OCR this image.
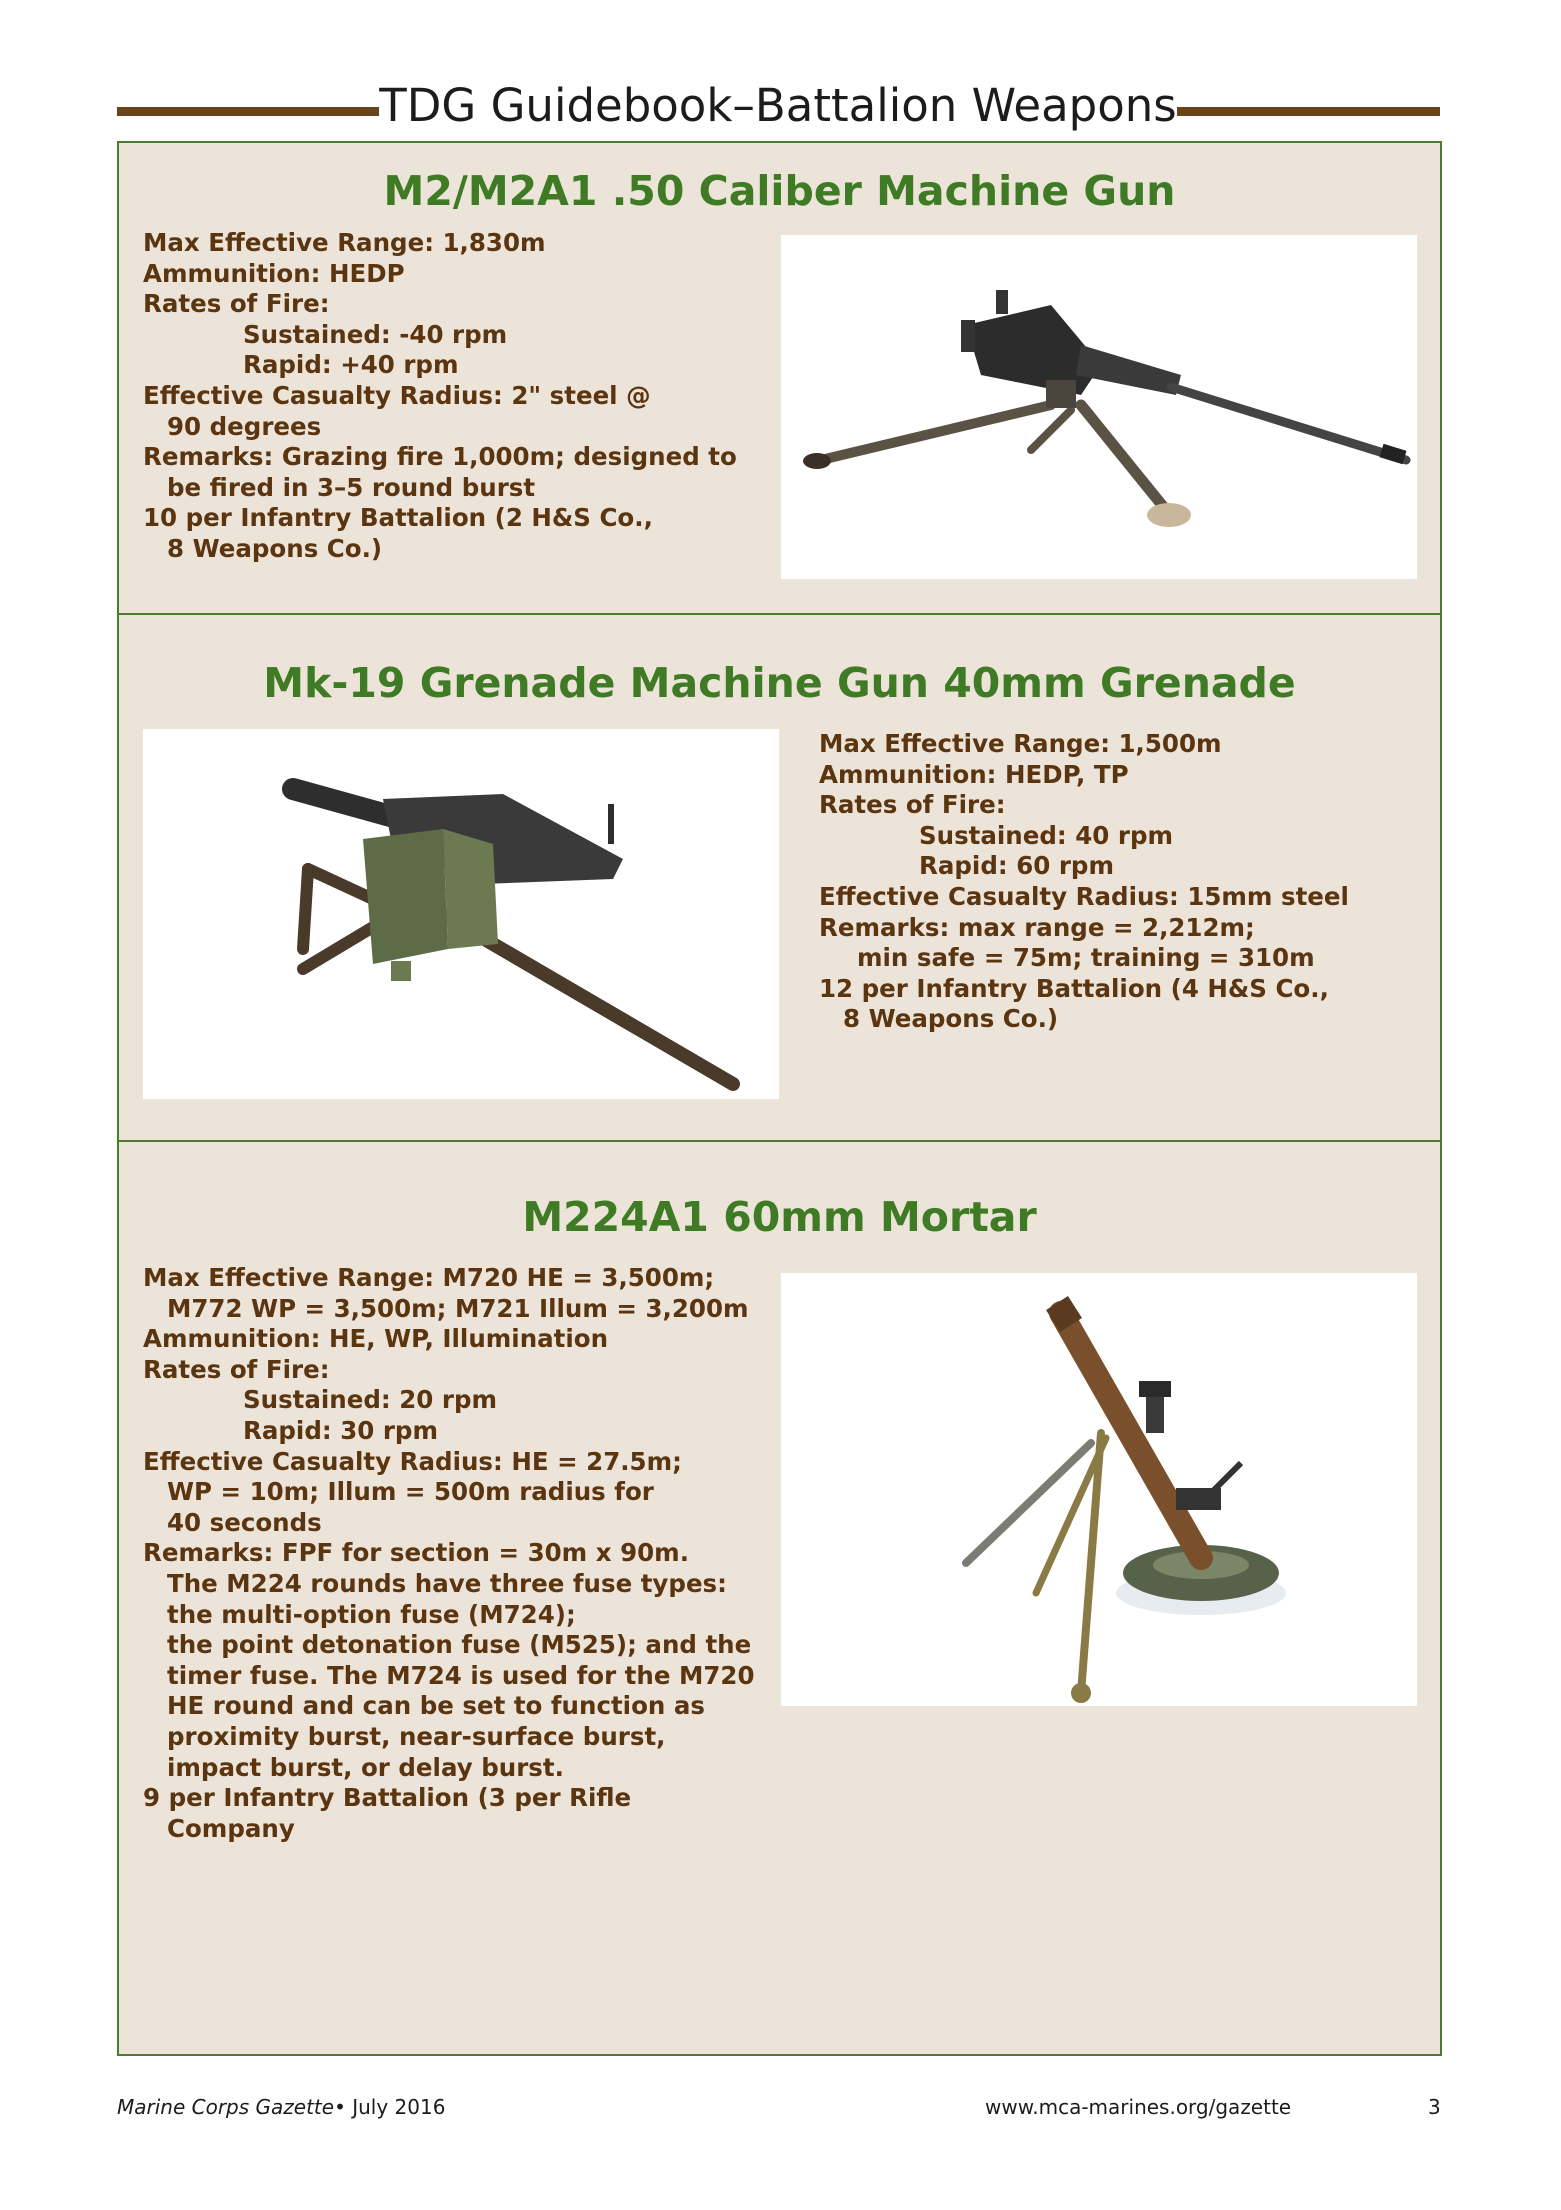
TDG Guidebook–Battalion Weapons
M2/M2A1 .50 Caliber Machine Gun
Max Effective Range: 1,830m
Ammunition: HEDP
Rates of Fire:
Sustained: -40 rpm
Rapid: +40 rpm
Effective Casualty Radius: 2" steel @
90 degrees
Remarks: Grazing fire 1,000m; designed to
be fired in 3–5 round burst
10 per Infantry Battalion (2 H&S Co.,
8 Weapons Co.)
Mk-19 Grenade Machine Gun 40mm Grenade
Max Effective Range: 1,500m
Ammunition: HEDP, TP
Rates of Fire:
Sustained: 40 rpm
Rapid: 60 rpm
Effective Casualty Radius: 15mm steel
Remarks: max range = 2,212m;
min safe = 75m; training = 310m
12 per Infantry Battalion (4 H&S Co.,
8 Weapons Co.)
M224A1 60mm Mortar
Max Effective Range: M720 HE = 3,500m;
M772 WP = 3,500m; M721 Illum = 3,200m
Ammunition: HE, WP, Illumination
Rates of Fire:
Sustained: 20 rpm
Rapid: 30 rpm
Effective Casualty Radius: HE = 27.5m;
WP = 10m; Illum = 500m radius for
40 seconds
Remarks: FPF for section = 30m x 90m.
The M224 rounds have three fuse types:
the multi-option fuse (M724);
the point detonation fuse (M525); and the
timer fuse. The M724 is used for the M720
HE round and can be set to function as
proximity burst, near-surface burst,
impact burst, or delay burst.
9 per Infantry Battalion (3 per Rifle
Company
Marine Corps Gazette• July 2016	www.mca-marines.org/gazette	3
